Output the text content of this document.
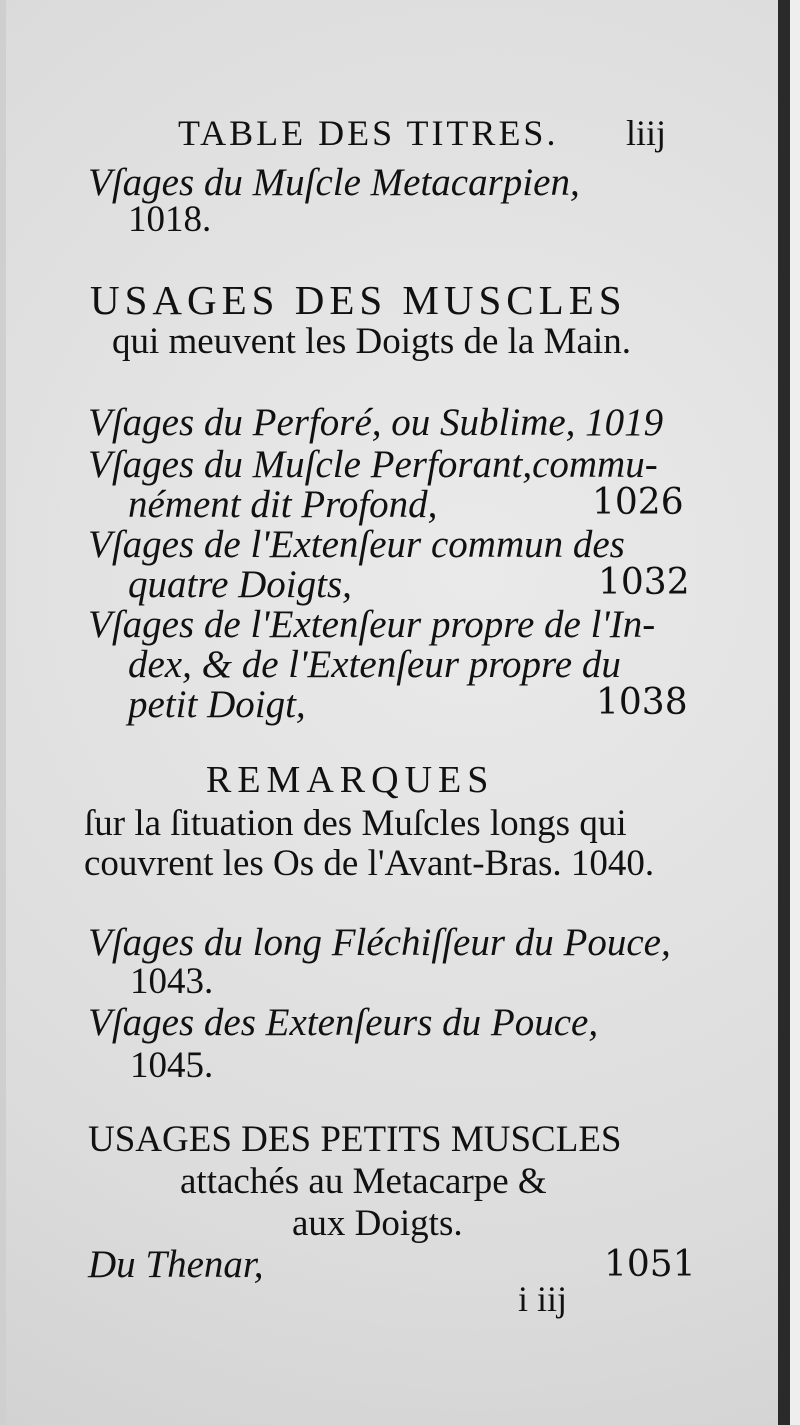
TABLE DES TITRES. liij
Vſages du Muſcle Metacarpien,
1018.
USAGES DES MUSCLES
qui meuvent les Doigts de la Main.
Vſages du Perforé, ou Sublime, 1019
Vſages du Muſcle Perforant,commu-
nément dit Profond,	1026
Vſages de l'Extenſeur commun des
quatre Doigts,	1032
Vſages de l'Extenſeur propre de l'In-
dex, & de l'Extenſeur propre du
petit Doigt,	1038
REMARQUES
ſur la ſituation des Muſcles longs qui
couvrent les Os de l'Avant-Bras. 1040.
Vſages du long Fléchiſſeur du Pouce,
1043.
Vſages des Extenſeurs du Pouce,
1045.
USAGES DES PETITS MUSCLES
attachés au Metacarpe &
aux Doigts.
Du Thenar,	1051
i iij
